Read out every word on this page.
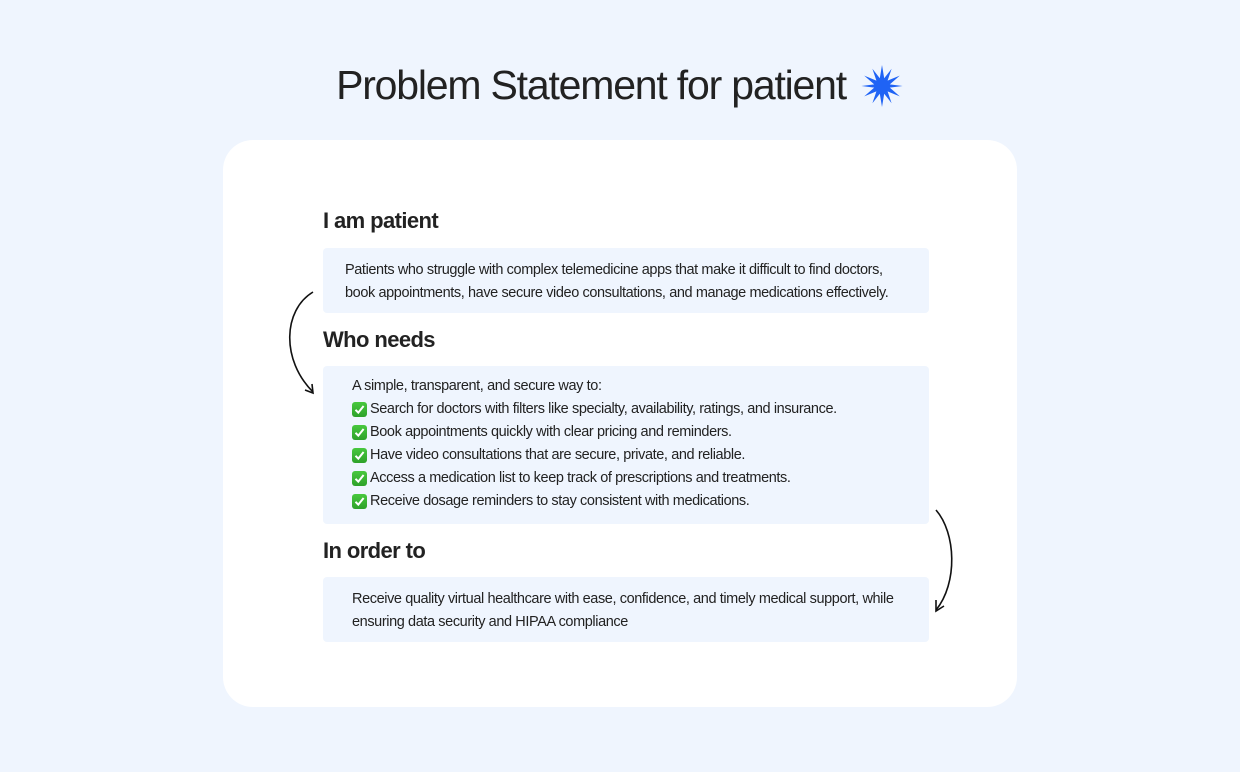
Problem Statement for patient
I am patient

Patients who struggle with complex telemedicine apps that make it difficult to find doctors,

book appointments, have secure video consultations, and manage medications effectively.

Who needs

A simple, transparent, and secure way to:

Search for doctors with filters like specialty, availability, ratings, and insurance.
Book appointments quickly with clear pricing and reminders.
Have video consultations that are secure, private, and reliable.
Access a medication list to keep track of prescriptions and treatments.
Receive dosage reminders to stay consistent with medications.
In order to

Receive quality virtual healthcare with ease, confidence, and timely medical support, while

ensuring data security and HIPAA compliance
